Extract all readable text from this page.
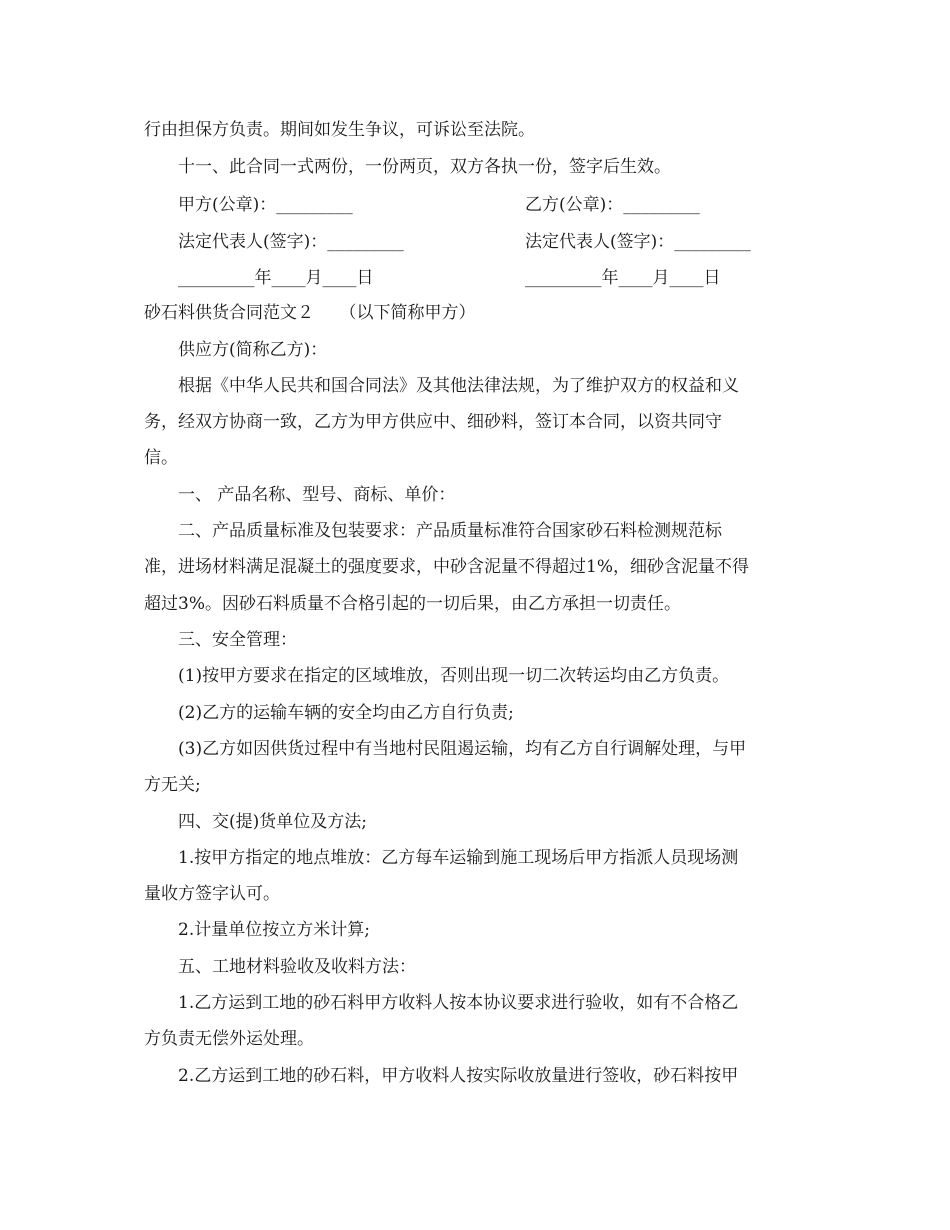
行由担保方负责。期间如发生争议，可诉讼至法院。
十一、此合同一式两份，一份两页，双方各执一份，签字后生效。
甲方(公章)：_________	乙方(公章)：_________
法定代表人(签字)：_________	法定代表人(签字)：_________
_________年____月____日	_________年____月____日
砂石料供货合同范文２　　（以下简称甲方）
供应方(简称乙方)：
根据《中华人民共和国合同法》及其他法律法规，为了维护双方的权益和义
务，经双方协商一致，乙方为甲方供应中、细砂料，签订本合同，以资共同守
信。
一、 产品名称、型号、商标、单价：
二、产品质量标准及包装要求：产品质量标准符合国家砂石料检测规范标
准，进场材料满足混凝土的强度要求，中砂含泥量不得超过1%，细砂含泥量不得
超过3%。因砂石料质量不合格引起的一切后果，由乙方承担一切责任。
三、安全管理：
(1)按甲方要求在指定的区域堆放，否则出现一切二次转运均由乙方负责。
(2)乙方的运输车辆的安全均由乙方自行负责;
(3)乙方如因供货过程中有当地村民阻遏运输，均有乙方自行调解处理，与甲
方无关;
四、交(提)货单位及方法;
1.按甲方指定的地点堆放：乙方每车运输到施工现场后甲方指派人员现场测
量收方签字认可。
2.计量单位按立方米计算;
五、工地材料验收及收料方法：
1.乙方运到工地的砂石料甲方收料人按本协议要求进行验收，如有不合格乙
方负责无偿外运处理。
2.乙方运到工地的砂石料，甲方收料人按实际收放量进行签收，砂石料按甲
